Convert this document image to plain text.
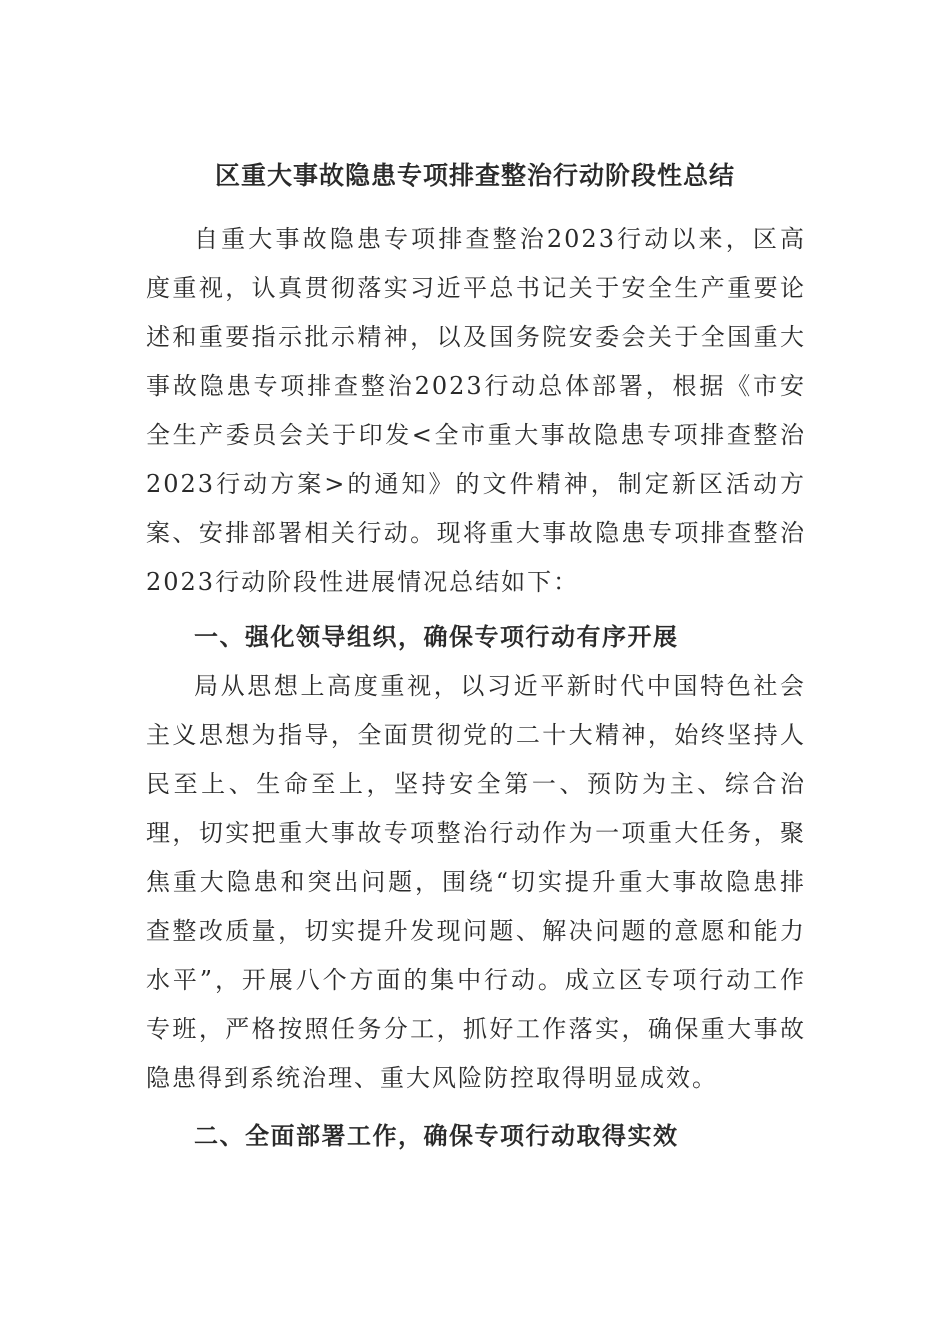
区重大事故隐患专项排查整治行动阶段性总结

自重大事故隐患专项排查整治2023行动以来，区高度重视，认真贯彻落实习近平总书记关于安全生产重要论述和重要指示批示精神，以及国务院安委会关于全国重大事故隐患专项排查整治2023行动总体部署，根据《市安全生产委员会关于印发<全市重大事故隐患专项排查整治2023行动方案>的通知》的文件精神，制定新区活动方案、安排部署相关行动。现将重大事故隐患专项排查整治2023行动阶段性进展情况总结如下：

一、强化领导组织，确保专项行动有序开展

局从思想上高度重视，以习近平新时代中国特色社会主义思想为指导，全面贯彻党的二十大精神，始终坚持人民至上、生命至上，坚持安全第一、预防为主、综合治理，切实把重大事故专项整治行动作为一项重大任务，聚焦重大隐患和突出问题，围绕“切实提升重大事故隐患排查整改质量，切实提升发现问题、解决问题的意愿和能力水平”，开展八个方面的集中行动。成立区专项行动工作专班，严格按照任务分工，抓好工作落实，确保重大事故隐患得到系统治理、重大风险防控取得明显成效。

二、全面部署工作，确保专项行动取得实效
